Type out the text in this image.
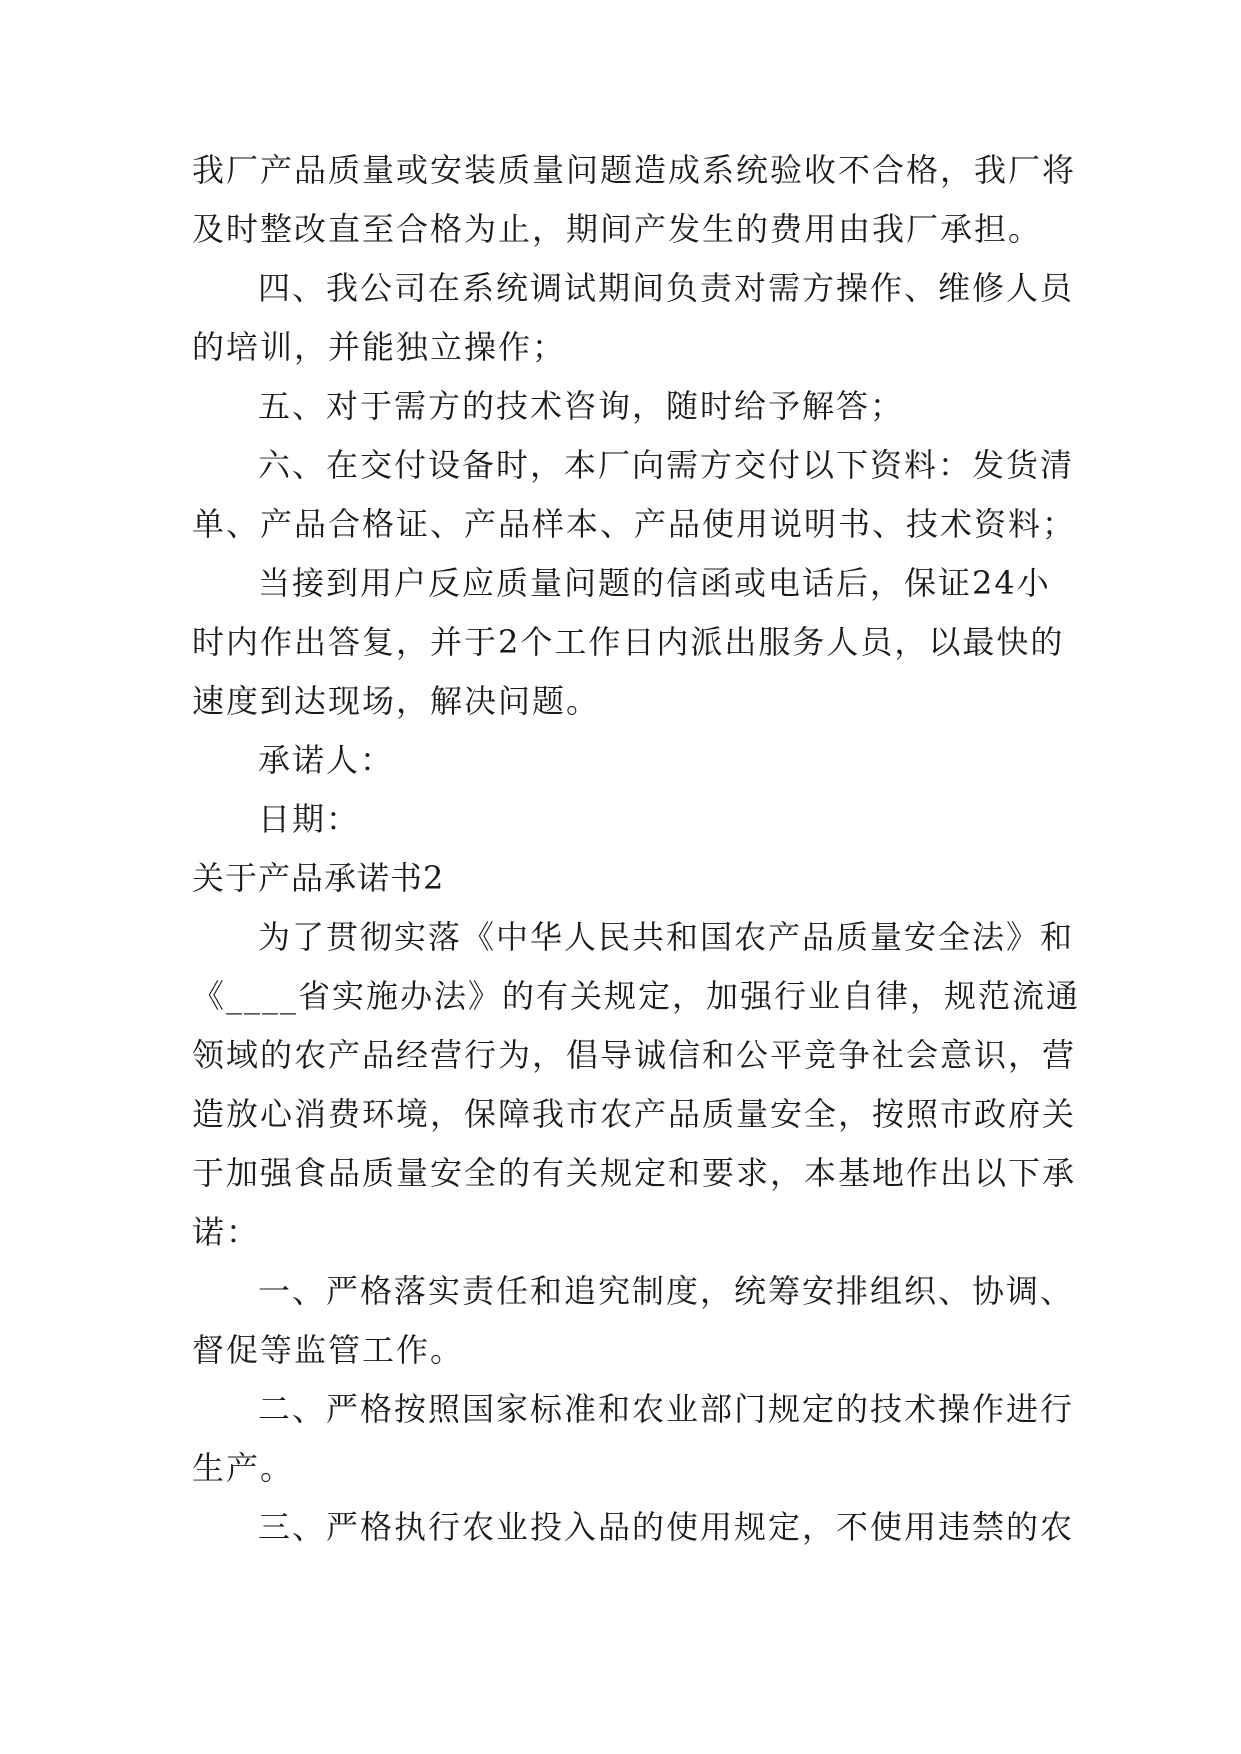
我厂产品质量或安装质量问题造成系统验收不合格，我厂将
及时整改直至合格为止，期间产发生的费用由我厂承担。
四、我公司在系统调试期间负责对需方操作、维修人员
的培训，并能独立操作；
五、对于需方的技术咨询，随时给予解答；
六、在交付设备时，本厂向需方交付以下资料：发货清
单、产品合格证、产品样本、产品使用说明书、技术资料；
当接到用户反应质量问题的信函或电话后，保证24小
时内作出答复，并于2个工作日内派出服务人员，以最快的
速度到达现场，解决问题。
承诺人：
日期：
关于产品承诺书2
为了贯彻实落《中华人民共和国农产品质量安全法》和
《____省实施办法》的有关规定，加强行业自律，规范流通
领域的农产品经营行为，倡导诚信和公平竞争社会意识，营
造放心消费环境，保障我市农产品质量安全，按照市政府关
于加强食品质量安全的有关规定和要求，本基地作出以下承
诺：
一、严格落实责任和追究制度，统筹安排组织、协调、
督促等监管工作。
二、严格按照国家标准和农业部门规定的技术操作进行
生产。
三、严格执行农业投入品的使用规定，不使用违禁的农
